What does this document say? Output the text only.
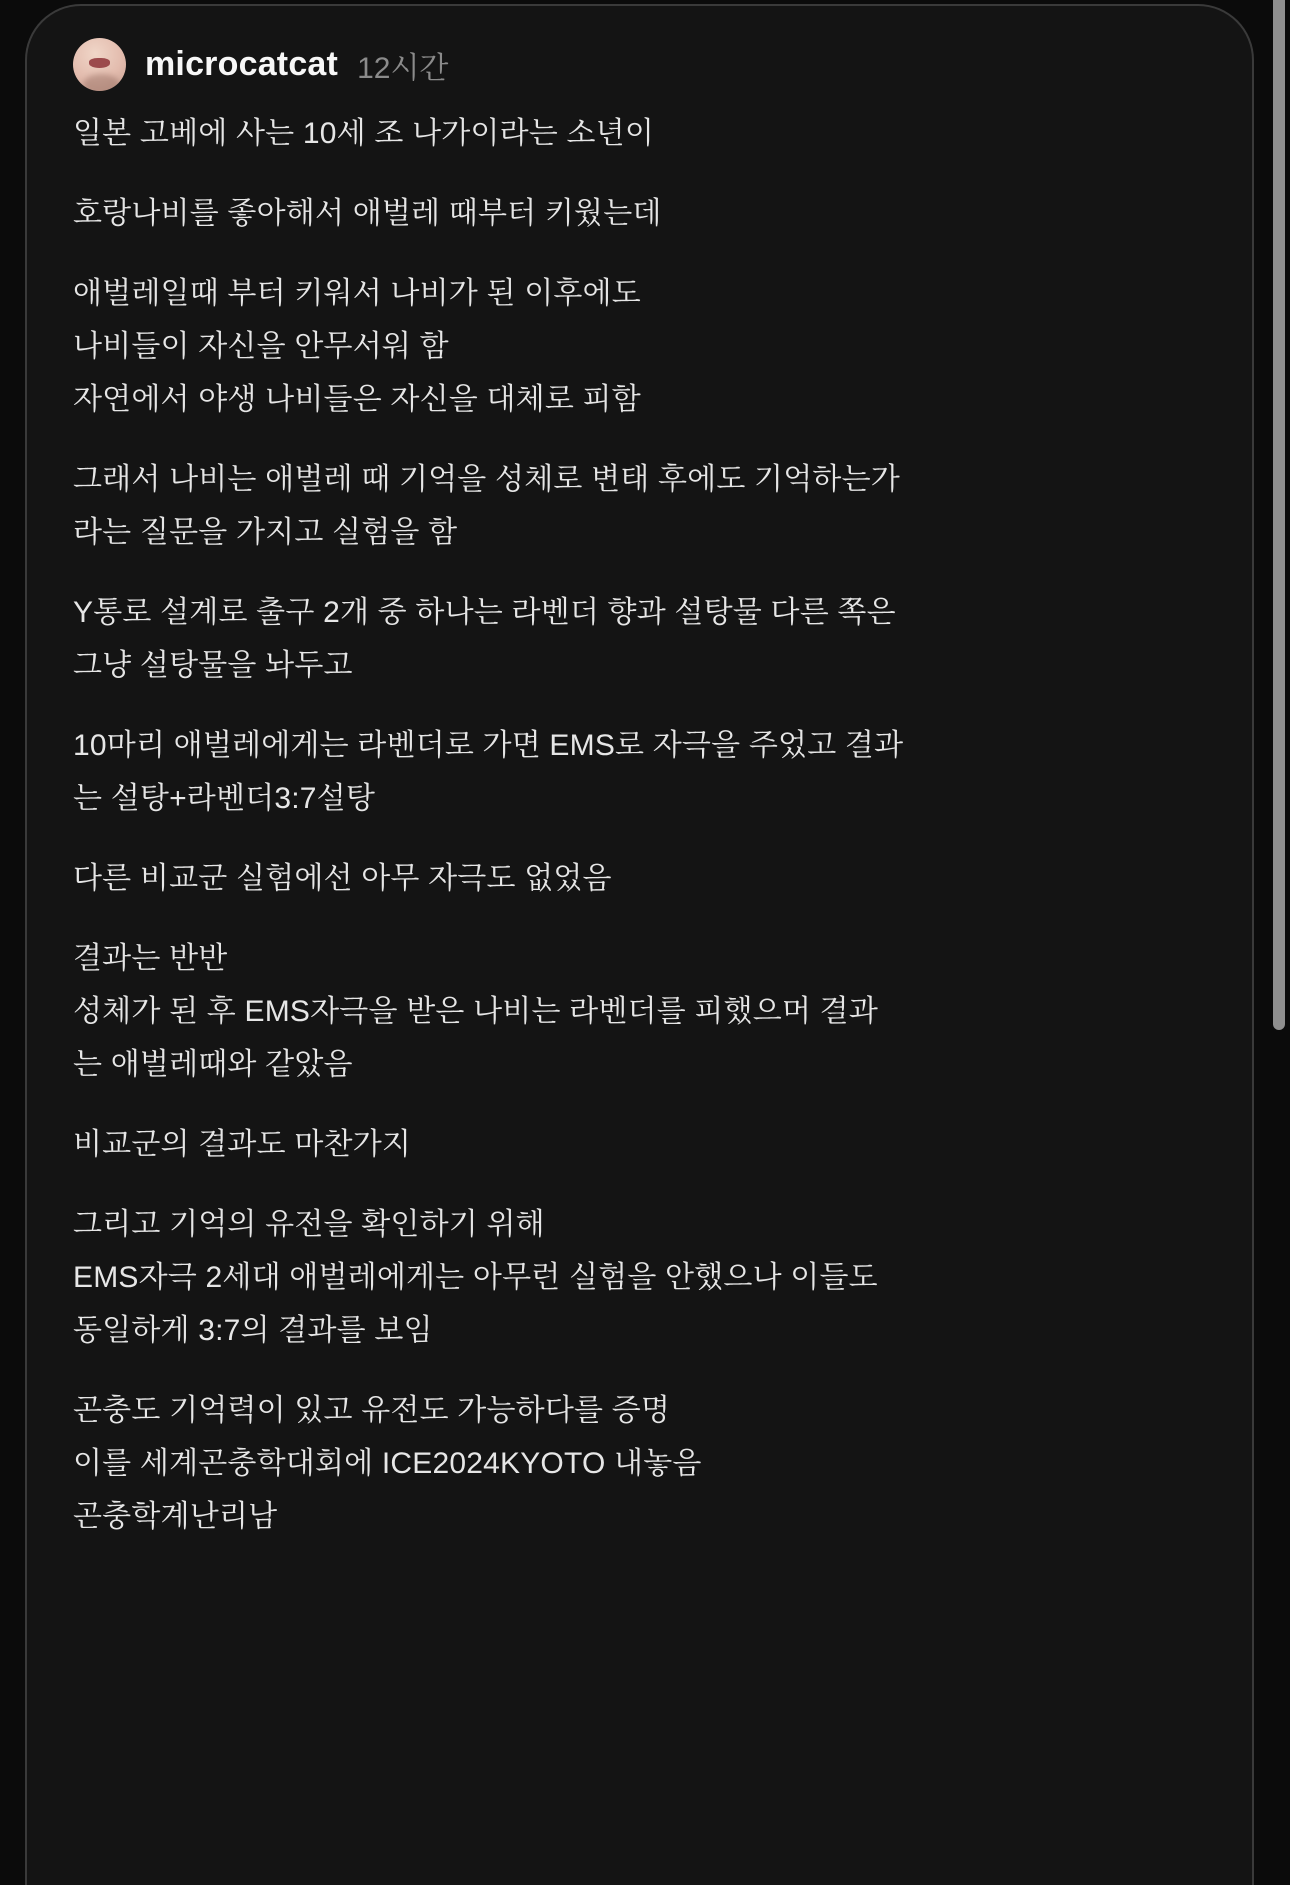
microcatcat 12시간

일본 고베에 사는 10세 조 나가이라는 소년이

호랑나비를 좋아해서 애벌레 때부터 키웠는데

애벌레일때 부터 키워서 나비가 된 이후에도
나비들이 자신을 안무서워 함
자연에서 야생 나비들은 자신을 대체로 피함

그래서 나비는 애벌레 때 기억을 성체로 변태 후에도 기억하는가
라는 질문을 가지고 실험을 함

Y통로 설계로 출구 2개 중 하나는 라벤더 향과 설탕물 다른 쪽은
그냥 설탕물을 놔두고

10마리 애벌레에게는 라벤더로 가면 EMS로 자극을 주었고 결과
는 설탕+라벤더3:7설탕

다른 비교군 실험에선 아무 자극도 없었음

결과는 반반
성체가 된 후 EMS자극을 받은 나비는 라벤더를 피했으머 결과
는 애벌레때와 같았음

비교군의 결과도 마찬가지

그리고 기억의 유전을 확인하기 위해
EMS자극 2세대 애벌레에게는 아무런 실험을 안했으나 이들도
동일하게 3:7의 결과를 보임

곤충도 기억력이 있고 유전도 가능하다를 증명
이를 세계곤충학대회에 ICE2024KYOTO 내놓음
곤충학계난리남
